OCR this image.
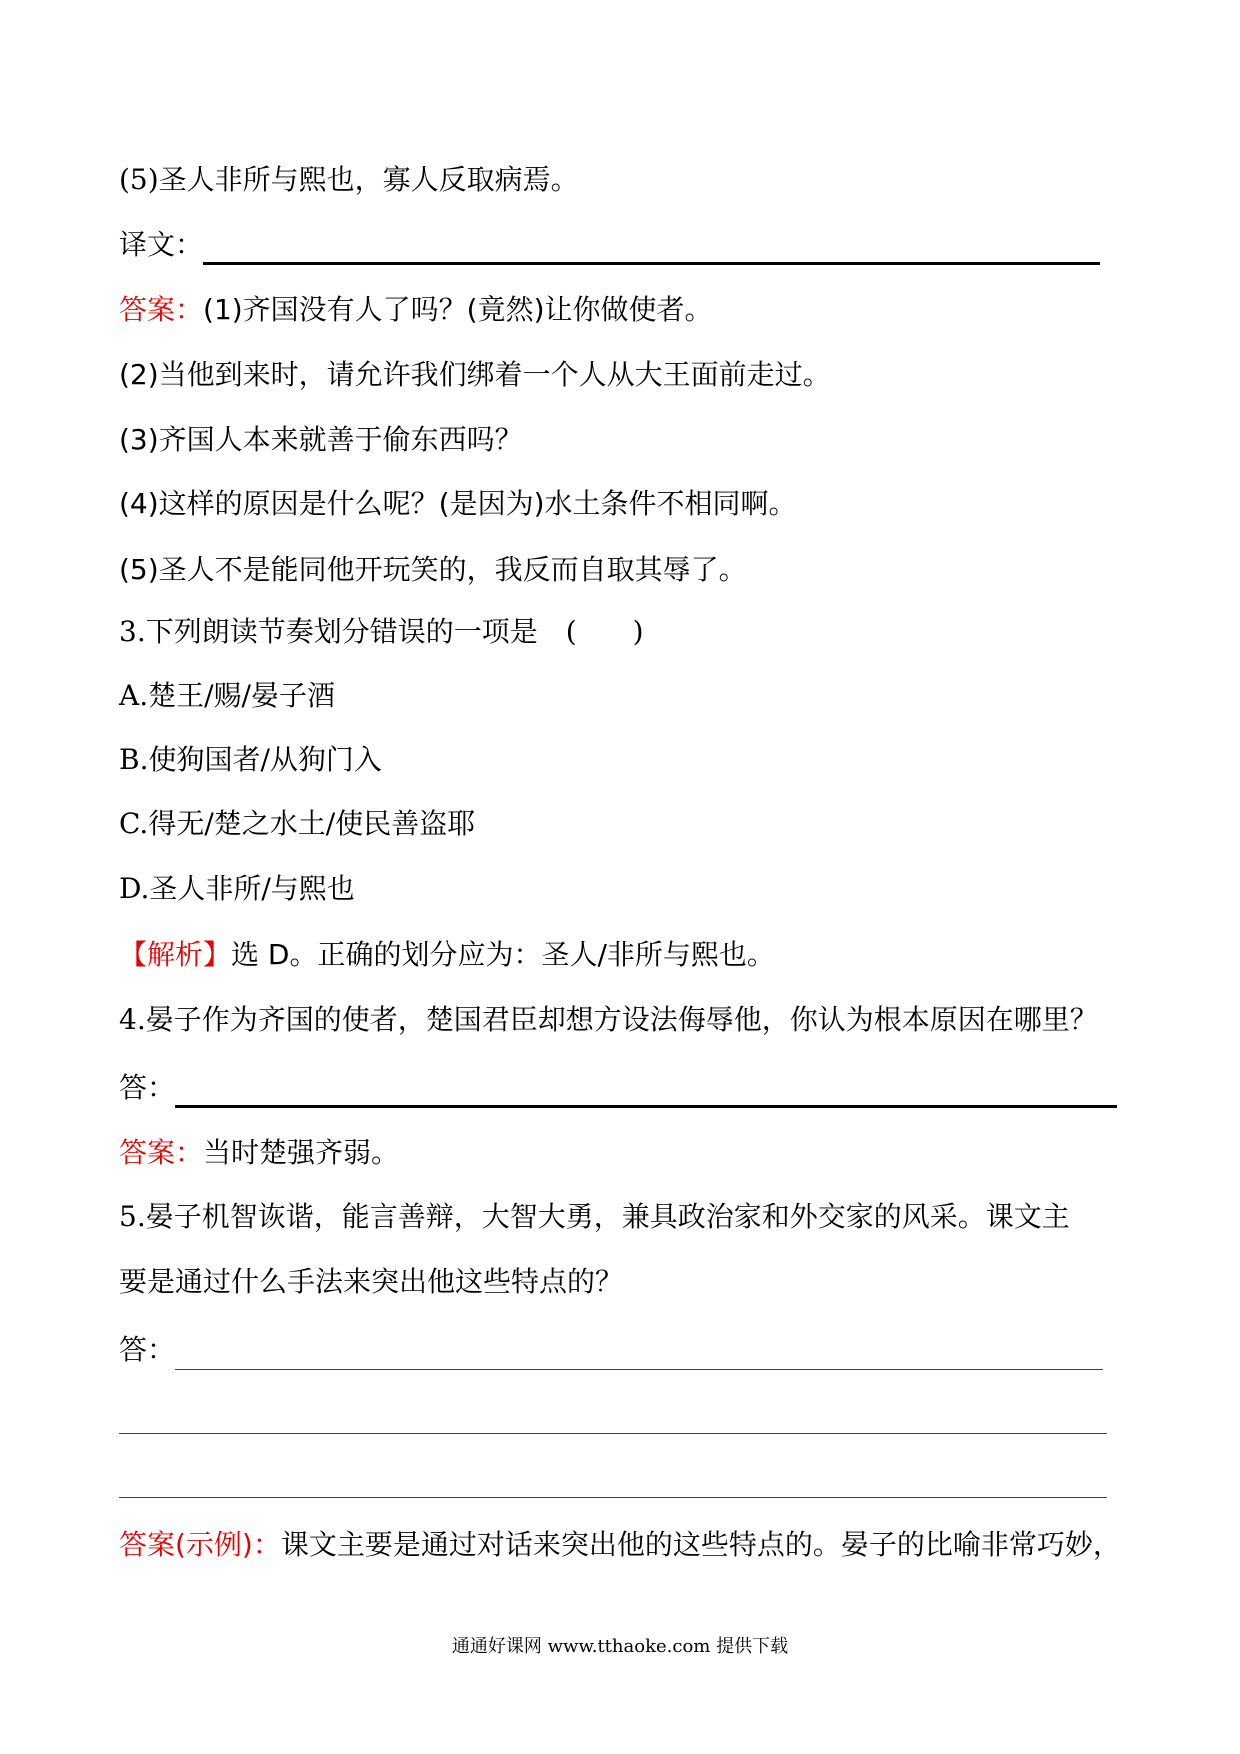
(5)圣人非所与熙也，寡人反取病焉。
译文：
答案：(1)齐国没有人了吗？(竟然)让你做使者。
(2)当他到来时，请允许我们绑着一个人从大王面前走过。
(3)齐国人本来就善于偷东西吗？
(4)这样的原因是什么呢？(是因为)水土条件不相同啊。
(5)圣人不是能同他开玩笑的，我反而自取其辱了。
3.下列朗读节奏划分错误的一项是　(　　)
A.楚王/赐/晏子酒
B.使狗国者/从狗门入
C.得无/楚之水土/使民善盗耶
D.圣人非所/与熙也
【解析】选 D。正确的划分应为：圣人/非所与熙也。
4.晏子作为齐国的使者，楚国君臣却想方设法侮辱他，你认为根本原因在哪里？
答：
答案：当时楚强齐弱。
5.晏子机智诙谐，能言善辩，大智大勇，兼具政治家和外交家的风采。课文主
要是通过什么手法来突出他这些特点的？
答：
答案(示例)：课文主要是通过对话来突出他的这些特点的。晏子的比喻非常巧妙，
通通好课网 www.tthaoke.com 提供下载
